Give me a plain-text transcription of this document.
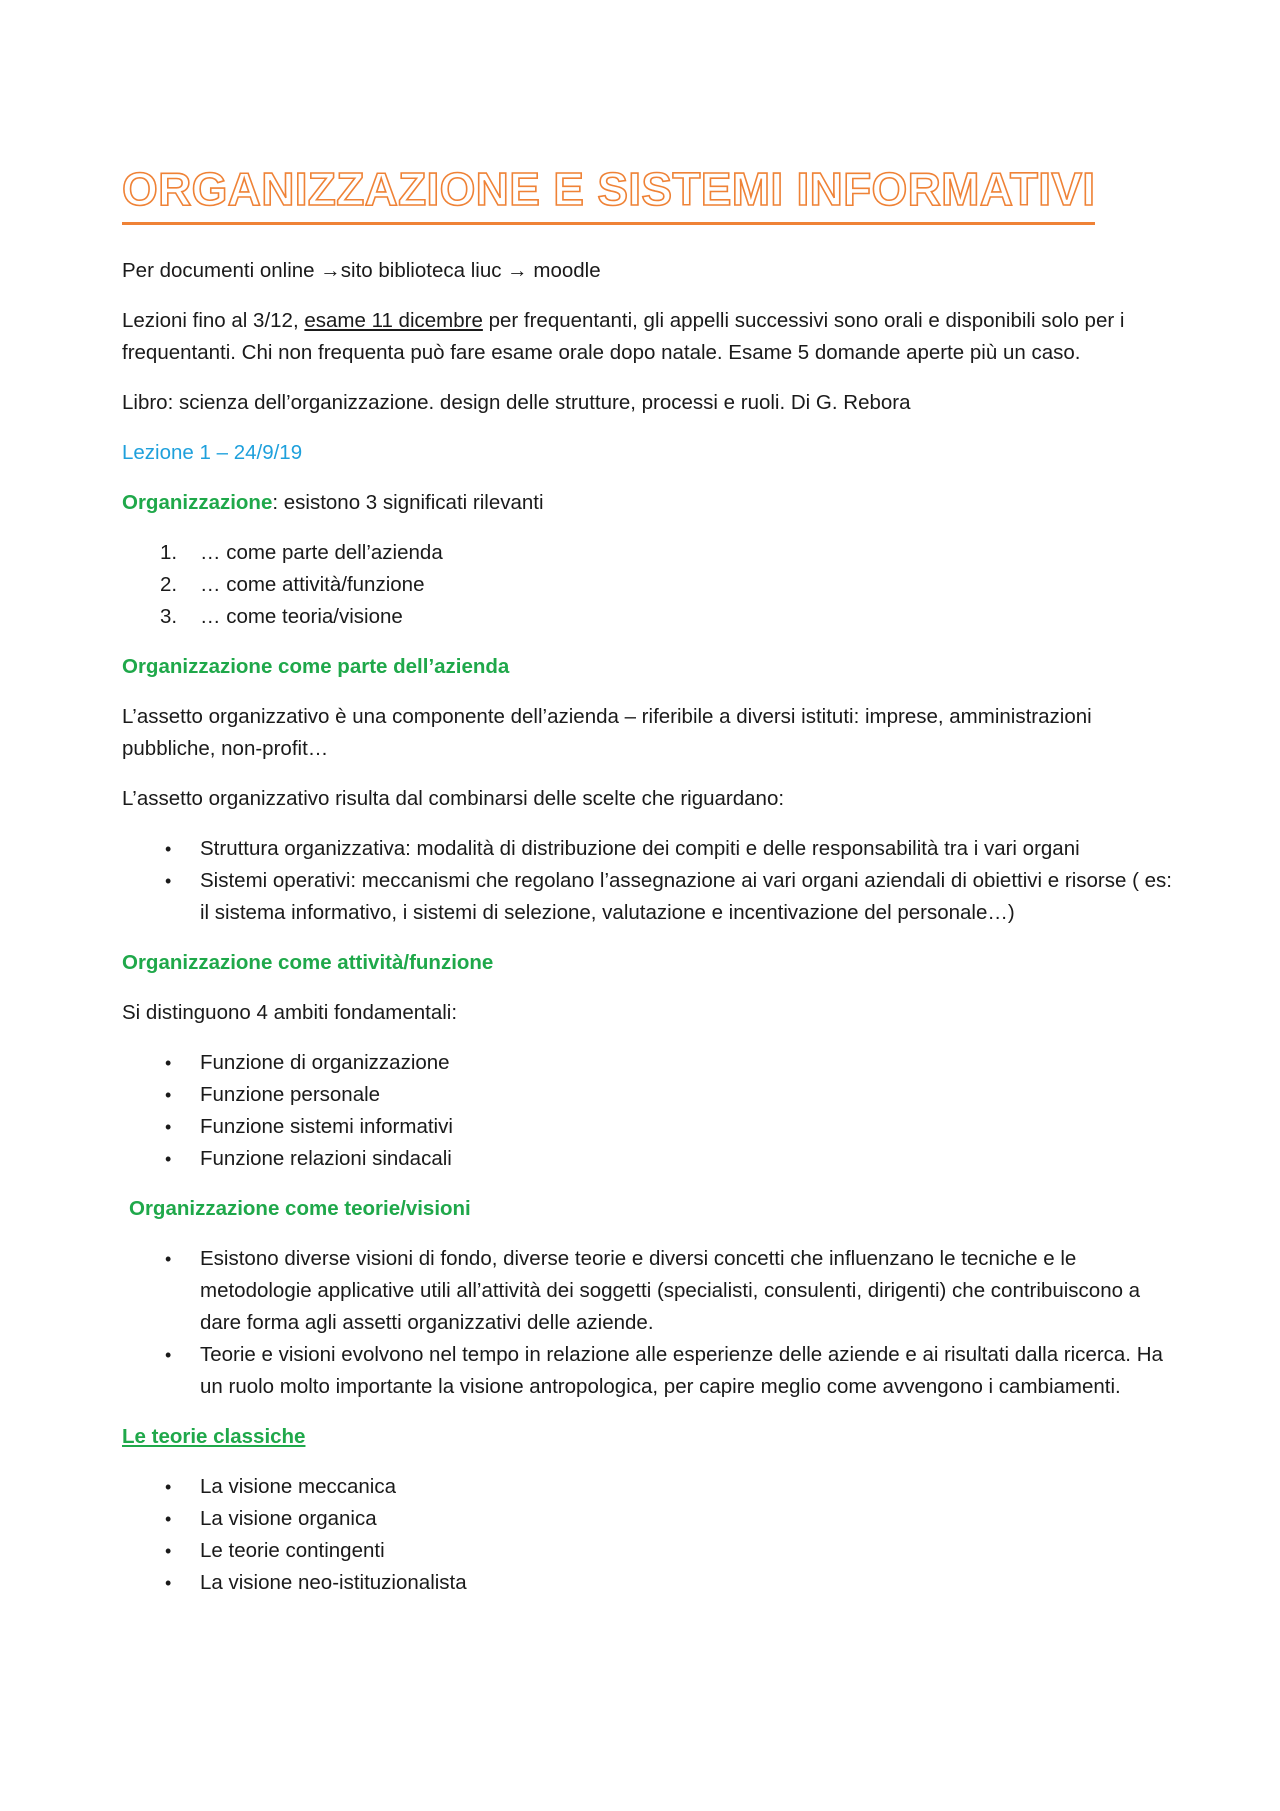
ORGANIZZAZIONE E SISTEMI INFORMATIVI

Per documenti online →sito biblioteca liuc → moodle

Lezioni fino al 3/12, esame 11 dicembre per frequentanti, gli appelli successivi sono orali e disponibili solo per i frequentanti. Chi non frequenta può fare esame orale dopo natale. Esame 5 domande aperte più un caso.

Libro: scienza dell’organizzazione. design delle strutture, processi e ruoli. Di G. Rebora

Lezione 1 – 24/9/19

Organizzazione: esistono 3 significati rilevanti

1. … come parte dell’azienda
2. … come attività/funzione
3. … come teoria/visione

Organizzazione come parte dell’azienda

L’assetto organizzativo è una componente dell’azienda – riferibile a diversi istituti: imprese, amministrazioni pubbliche, non-profit…

L’assetto organizzativo risulta dal combinarsi delle scelte che riguardano:

• Struttura organizzativa: modalità di distribuzione dei compiti e delle responsabilità tra i vari organi
• Sistemi operativi: meccanismi che regolano l’assegnazione ai vari organi aziendali di obiettivi e risorse ( es: il sistema informativo, i sistemi di selezione, valutazione e incentivazione del personale…)

Organizzazione come attività/funzione

Si distinguono 4 ambiti fondamentali:

• Funzione di organizzazione
• Funzione personale
• Funzione sistemi informativi
• Funzione relazioni sindacali

Organizzazione come teorie/visioni

• Esistono diverse visioni di fondo, diverse teorie e diversi concetti che influenzano le tecniche e le metodologie applicative utili all’attività dei soggetti (specialisti, consulenti, dirigenti) che contribuiscono a dare forma agli assetti organizzativi delle aziende.
• Teorie e visioni evolvono nel tempo in relazione alle esperienze delle aziende e ai risultati dalla ricerca. Ha un ruolo molto importante la visione antropologica, per capire meglio come avvengono i cambiamenti.

Le teorie classiche

• La visione meccanica
• La visione organica
• Le teorie contingenti
• La visione neo-istituzionalista
